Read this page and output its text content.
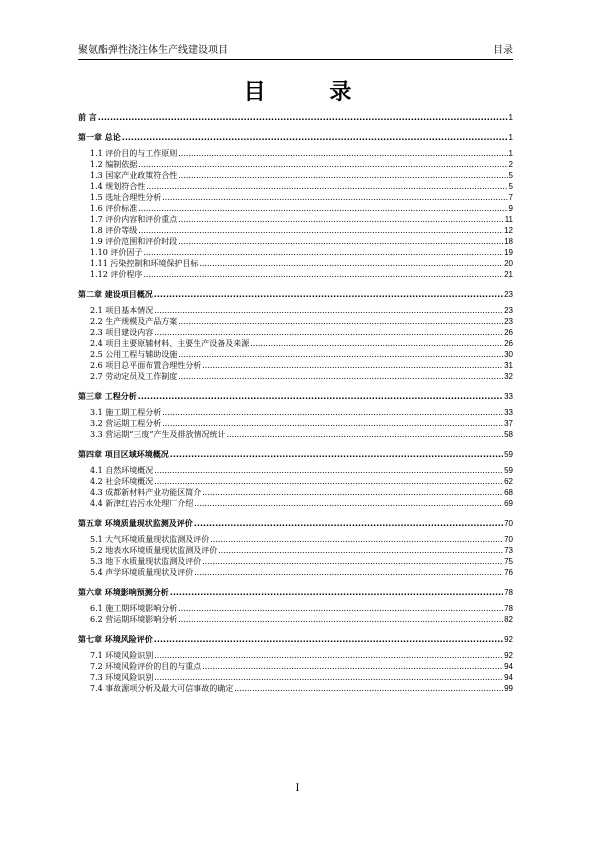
聚氨酯弹性浇注体生产线建设项目	目录
目 录
前 言 .....	1
第一章 总论 .....	1
1.1 评价目的与工作原则 .....	1
1.2 编制依据 .....	2
1.3 国家产业政策符合性 .....	5
1.4 规划符合性 .....	5
1.5 选址合理性分析 .....	7
1.6 评价标准 .....	9
1.7 评价内容和评价重点 .....	11
1.8 评价等级 .....	12
1.9 评价范围和评价时段 .....	18
1.10 评价因子 .....	19
1.11 污染控制和环境保护目标 .....	20
1.12 评价程序 .....	21
第二章 建设项目概况 .....	23
2.1 项目基本情况 .....	23
2.2 生产规模及产品方案 .....	23
2.3 项目建设内容 .....	26
2.4 项目主要原辅材料、主要生产设备及来源 .....	26
2.5 公用工程与辅助设施 .....	30
2.6 项目总平面布置合理性分析 .....	31
2.7 劳动定员及工作制度 .....	32
第三章 工程分析 .....	33
3.1 施工期工程分析 .....	33
3.2 营运期工程分析 .....	37
3.3 营运期“三废”产生及排放情况统计 .....	58
第四章 项目区域环境概况 .....	59
4.1 自然环境概况 .....	59
4.2 社会环境概况 .....	62
4.3 成都新材料产业功能区简介 .....	68
4.4 新津红岩污水处理厂介绍 .....	69
第五章 环境质量现状监测及评价 .....	70
5.1 大气环境质量现状监测及评价 .....	70
5.2 地表水环境质量现状监测及评价 .....	73
5.3 地下水质量现状监测及评价 .....	75
5.4 声学环境质量现状及评价 .....	76
第六章 环境影响预测分析 .....	78
6.1 施工期环境影响分析 .....	78
6.2 营运期环境影响分析 .....	82
第七章 环境风险评价 .....	92
7.1 环境风险识别 .....	92
7.2 环境风险评价的目的与重点 .....	94
7.3 环境风险识别 .....	94
7.4 事故源项分析及最大可信事故的确定 .....	99
I
